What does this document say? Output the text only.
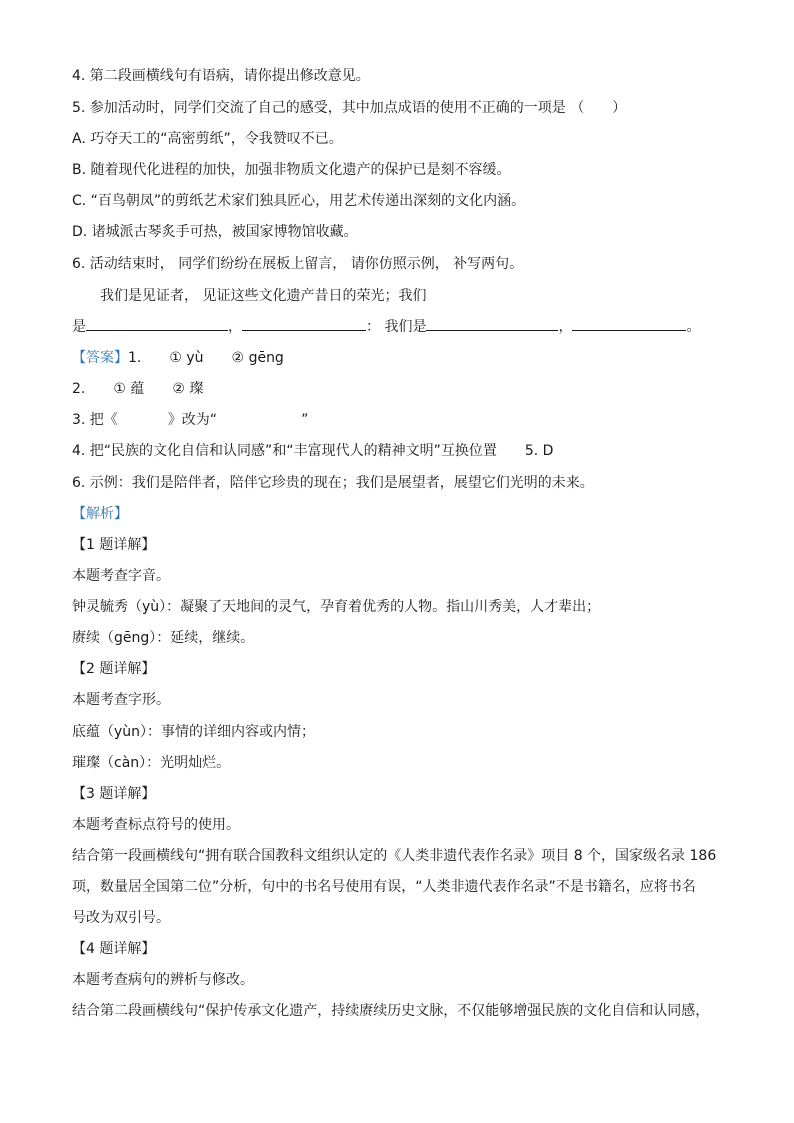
4. 第二段画横线句有语病，请你提出修改意见。
5. 参加活动时，同学们交流了自己的感受，其中加点成语的使用不正确的一项是 （　　）
A. 巧夺天工的“高密剪纸”，令我赞叹不已。
B. 随着现代化进程的加快，加强非物质文化遗产的保护已是刻不容缓。
C. “百鸟朝凤”的剪纸艺术家们独具匠心，用艺术传递出深刻的文化内涵。
D. 诸城派古琴炙手可热，被国家博物馆收藏。
6. 活动结束时， 同学们纷纷在展板上留言， 请你仿照示例， 补写两句。
我们是见证者， 见证这些文化遗产昔日的荣光；我们
是	，	： 我们是	，	。
【答案】1. ① yù ② gēng
2. ① 蕴 ② 璨
3. 把《	》改为“	”
4. 把“民族的文化自信和认同感”和“丰富现代人的精神文明”互换位置 5. D
6. 示例：我们是陪伴者，陪伴它珍贵的现在；我们是展望者，展望它们光明的未来。
【解析】
【1 题详解】
本题考查字音。
钟灵毓秀（yù）：凝聚了天地间的灵气，孕育着优秀的人物。指山川秀美，人才辈出；
赓续（gēng）：延续，继续。
【2 题详解】
本题考查字形。
底蕴（yùn）：事情的详细内容或内情；
璀璨（càn）：光明灿烂。
【3 题详解】
本题考查标点符号的使用。
结合第一段画横线句“拥有联合国教科文组织认定的《人类非遗代表作名录》项目 8 个，国家级名录 186
项，数量居全国第二位”分析，句中的书名号使用有误，“人类非遗代表作名录”不是书籍名，应将书名
号改为双引号。
【4 题详解】
本题考查病句的辨析与修改。
结合第二段画横线句“保护传承文化遗产，持续赓续历史文脉，不仅能够增强民族的文化自信和认同感，
